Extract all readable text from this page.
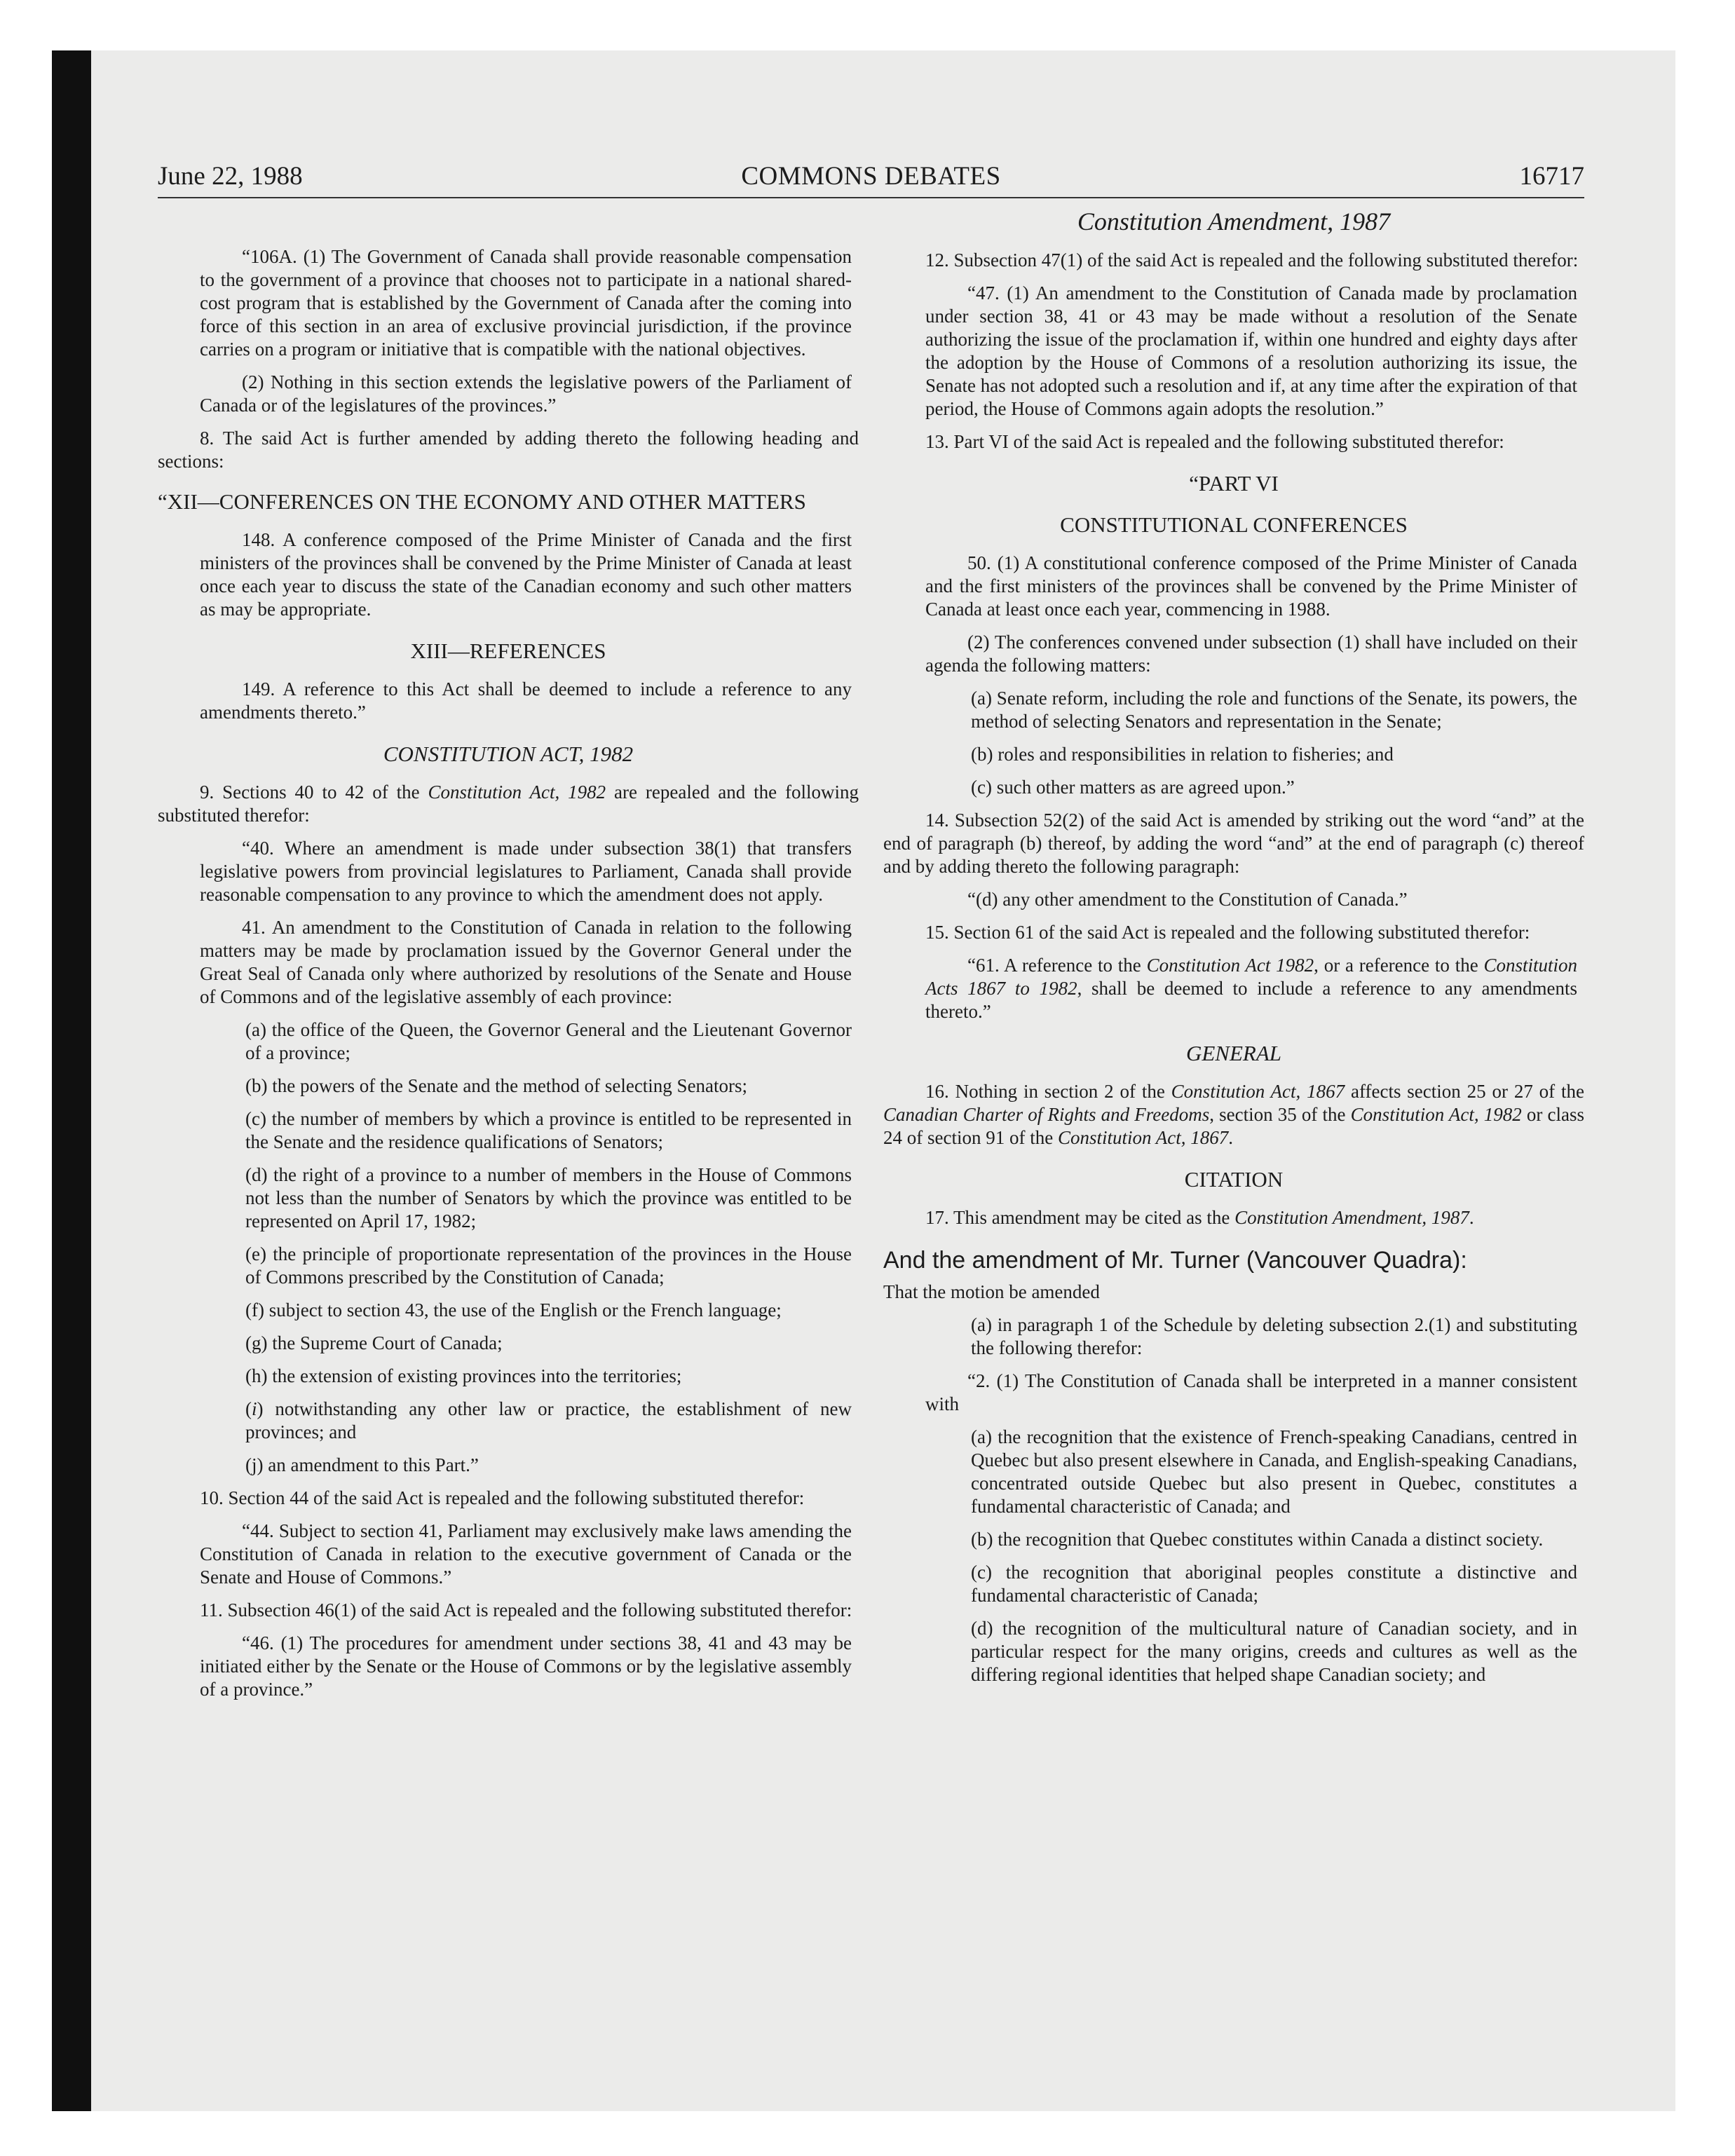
June 22, 1988	COMMONS DEBATES	16717

“106A. (1) The Government of Canada shall provide reasonable compensation to the government of a province that chooses not to participate in a national shared-cost program that is established by the Government of Canada after the coming into force of this section in an area of exclusive provincial jurisdiction, if the province carries on a program or initiative that is compatible with the national objectives.

(2) Nothing in this section extends the legislative powers of the Parliament of Canada or of the legislatures of the provinces.”

8. The said Act is further amended by adding thereto the following heading and sections:

“XII—CONFERENCES ON THE ECONOMY AND OTHER MATTERS

148. A conference composed of the Prime Minister of Canada and the first ministers of the provinces shall be convened by the Prime Minister of Canada at least once each year to discuss the state of the Canadian economy and such other matters as may be appropriate.

XIII—REFERENCES

149. A reference to this Act shall be deemed to include a reference to any amendments thereto.”

CONSTITUTION ACT, 1982

9. Sections 40 to 42 of the Constitution Act, 1982 are repealed and the following substituted therefor:

“40. Where an amendment is made under subsection 38(1) that transfers legislative powers from provincial legislatures to Parliament, Canada shall provide reasonable compensation to any province to which the amendment does not apply.

41. An amendment to the Constitution of Canada in relation to the following matters may be made by proclamation issued by the Governor General under the Great Seal of Canada only where authorized by resolutions of the Senate and House of Commons and of the legislative assembly of each province:

(a) the office of the Queen, the Governor General and the Lieutenant Governor of a province;

(b) the powers of the Senate and the method of selecting Senators;

(c) the number of members by which a province is entitled to be represented in the Senate and the residence qualifications of Senators;

(d) the right of a province to a number of members in the House of Commons not less than the number of Senators by which the province was entitled to be represented on April 17, 1982;

(e) the principle of proportionate representation of the provinces in the House of Commons prescribed by the Constitution of Canada;

(f) subject to section 43, the use of the English or the French language;

(g) the Supreme Court of Canada;

(h) the extension of existing provinces into the territories;

(i) notwithstanding any other law or practice, the establishment of new provinces; and

(j) an amendment to this Part.”

10. Section 44 of the said Act is repealed and the following substituted therefor:

“44. Subject to section 41, Parliament may exclusively make laws amending the Constitution of Canada in relation to the executive government of Canada or the Senate and House of Commons.”

11. Subsection 46(1) of the said Act is repealed and the following substituted therefor:

“46. (1) The procedures for amendment under sections 38, 41 and 43 may be initiated either by the Senate or the House of Commons or by the legislative assembly of a province.”

Constitution Amendment, 1987

12. Subsection 47(1) of the said Act is repealed and the following substituted therefor:

“47. (1) An amendment to the Constitution of Canada made by proclamation under section 38, 41 or 43 may be made without a resolution of the Senate authorizing the issue of the proclamation if, within one hundred and eighty days after the adoption by the House of Commons of a resolution authorizing its issue, the Senate has not adopted such a resolution and if, at any time after the expiration of that period, the House of Commons again adopts the resolution.”

13. Part VI of the said Act is repealed and the following substituted therefor:

“PART VI
CONSTITUTIONAL CONFERENCES

50. (1) A constitutional conference composed of the Prime Minister of Canada and the first ministers of the provinces shall be convened by the Prime Minister of Canada at least once each year, commencing in 1988.

(2) The conferences convened under subsection (1) shall have included on their agenda the following matters:

(a) Senate reform, including the role and functions of the Senate, its powers, the method of selecting Senators and representation in the Senate;

(b) roles and responsibilities in relation to fisheries; and

(c) such other matters as are agreed upon.”

14. Subsection 52(2) of the said Act is amended by striking out the word “and” at the end of paragraph (b) thereof, by adding the word “and” at the end of paragraph (c) thereof and by adding thereto the following paragraph:

“(d) any other amendment to the Constitution of Canada.”

15. Section 61 of the said Act is repealed and the following substituted therefor:

“61. A reference to the Constitution Act 1982, or a reference to the Constitution Acts 1867 to 1982, shall be deemed to include a reference to any amendments thereto.”

GENERAL

16. Nothing in section 2 of the Constitution Act, 1867 affects section 25 or 27 of the Canadian Charter of Rights and Freedoms, section 35 of the Constitution Act, 1982 or class 24 of section 91 of the Constitution Act, 1867.

CITATION

17. This amendment may be cited as the Constitution Amendment, 1987.

And the amendment of Mr. Turner (Vancouver Quadra):

That the motion be amended

(a) in paragraph 1 of the Schedule by deleting subsection 2.(1) and substituting the following therefor:

“2. (1) The Constitution of Canada shall be interpreted in a manner consistent with

(a) the recognition that the existence of French-speaking Canadians, centred in Quebec but also present elsewhere in Canada, and English-speaking Canadians, concentrated outside Quebec but also present in Quebec, constitutes a fundamental characteristic of Canada; and

(b) the recognition that Quebec constitutes within Canada a distinct society.

(c) the recognition that aboriginal peoples constitute a distinctive and fundamental characteristic of Canada;

(d) the recognition of the multicultural nature of Canadian society, and in particular respect for the many origins, creeds and cultures as well as the differing regional identities that helped shape Canadian society; and
